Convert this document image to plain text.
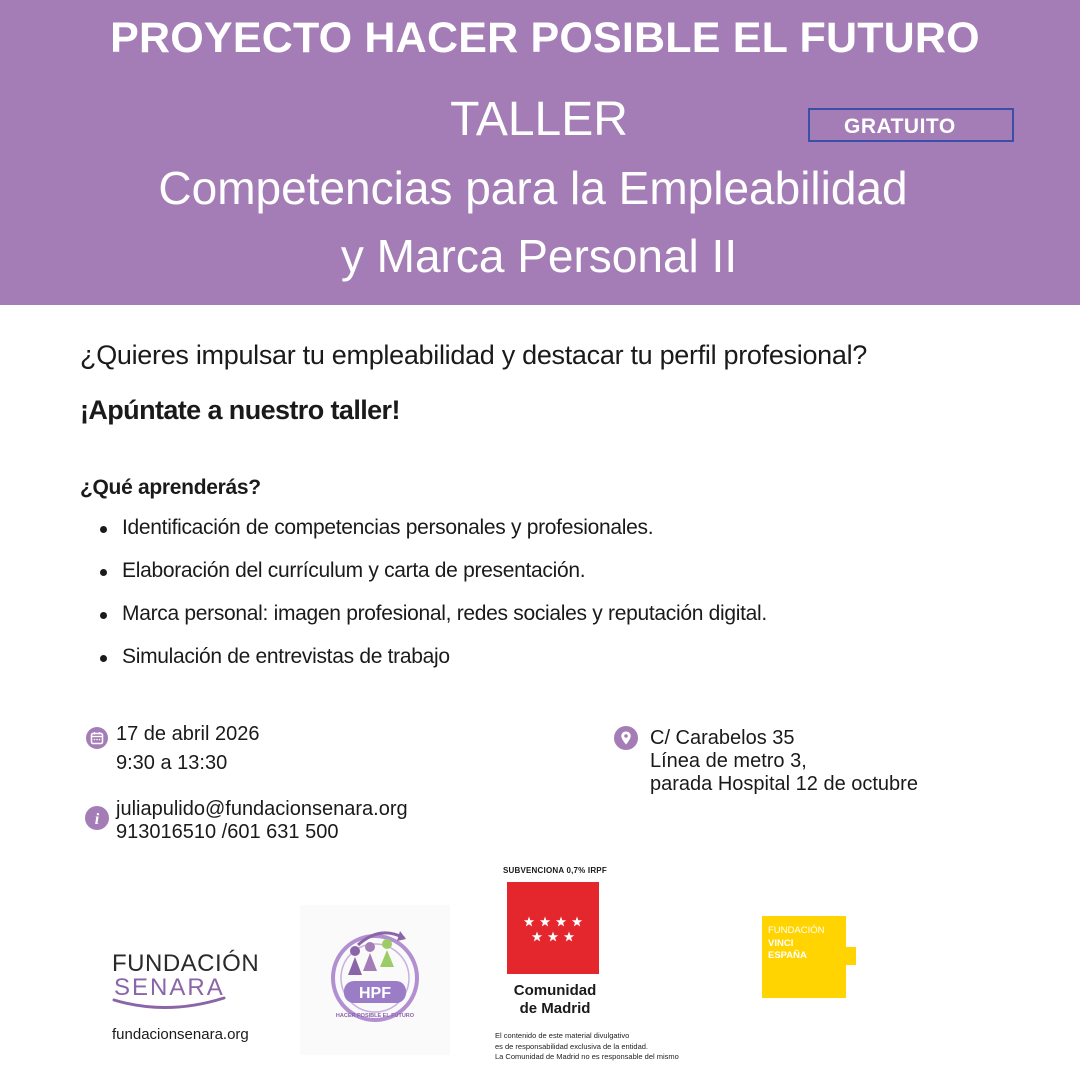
PROYECTO HACER POSIBLE EL FUTURO
TALLER	GRATUITO
Competencias para la Empleabilidad
y Marca Personal II
¿Quieres impulsar tu empleabilidad y destacar tu perfil profesional?
¡Apúntate a nuestro taller!
¿Qué aprenderás?
Identificación de competencias personales y profesionales.
Elaboración del currículum y carta de presentación.
Marca personal: imagen profesional, redes sociales y reputación digital.
Simulación de entrevistas de trabajo
17 de abril 2026
9:30 a 13:30
i juliapulido@fundacionsenara.org
913016510 /601 631 500
C/ Carabelos 35
Línea de metro 3,
parada Hospital 12 de octubre
FUNDACIÓN
SENARA
fundacionsenara.org
HPF
HACER POSIBLE EL FUTURO
SUBVENCIONA 0,7% IRPF
Comunidad
de Madrid
El contenido de este material divulgativo
es de responsabilidad exclusiva de la entidad.
La Comunidad de Madrid no es responsable del mismo
FUNDACIÓN
VINCI
ESPAÑA
